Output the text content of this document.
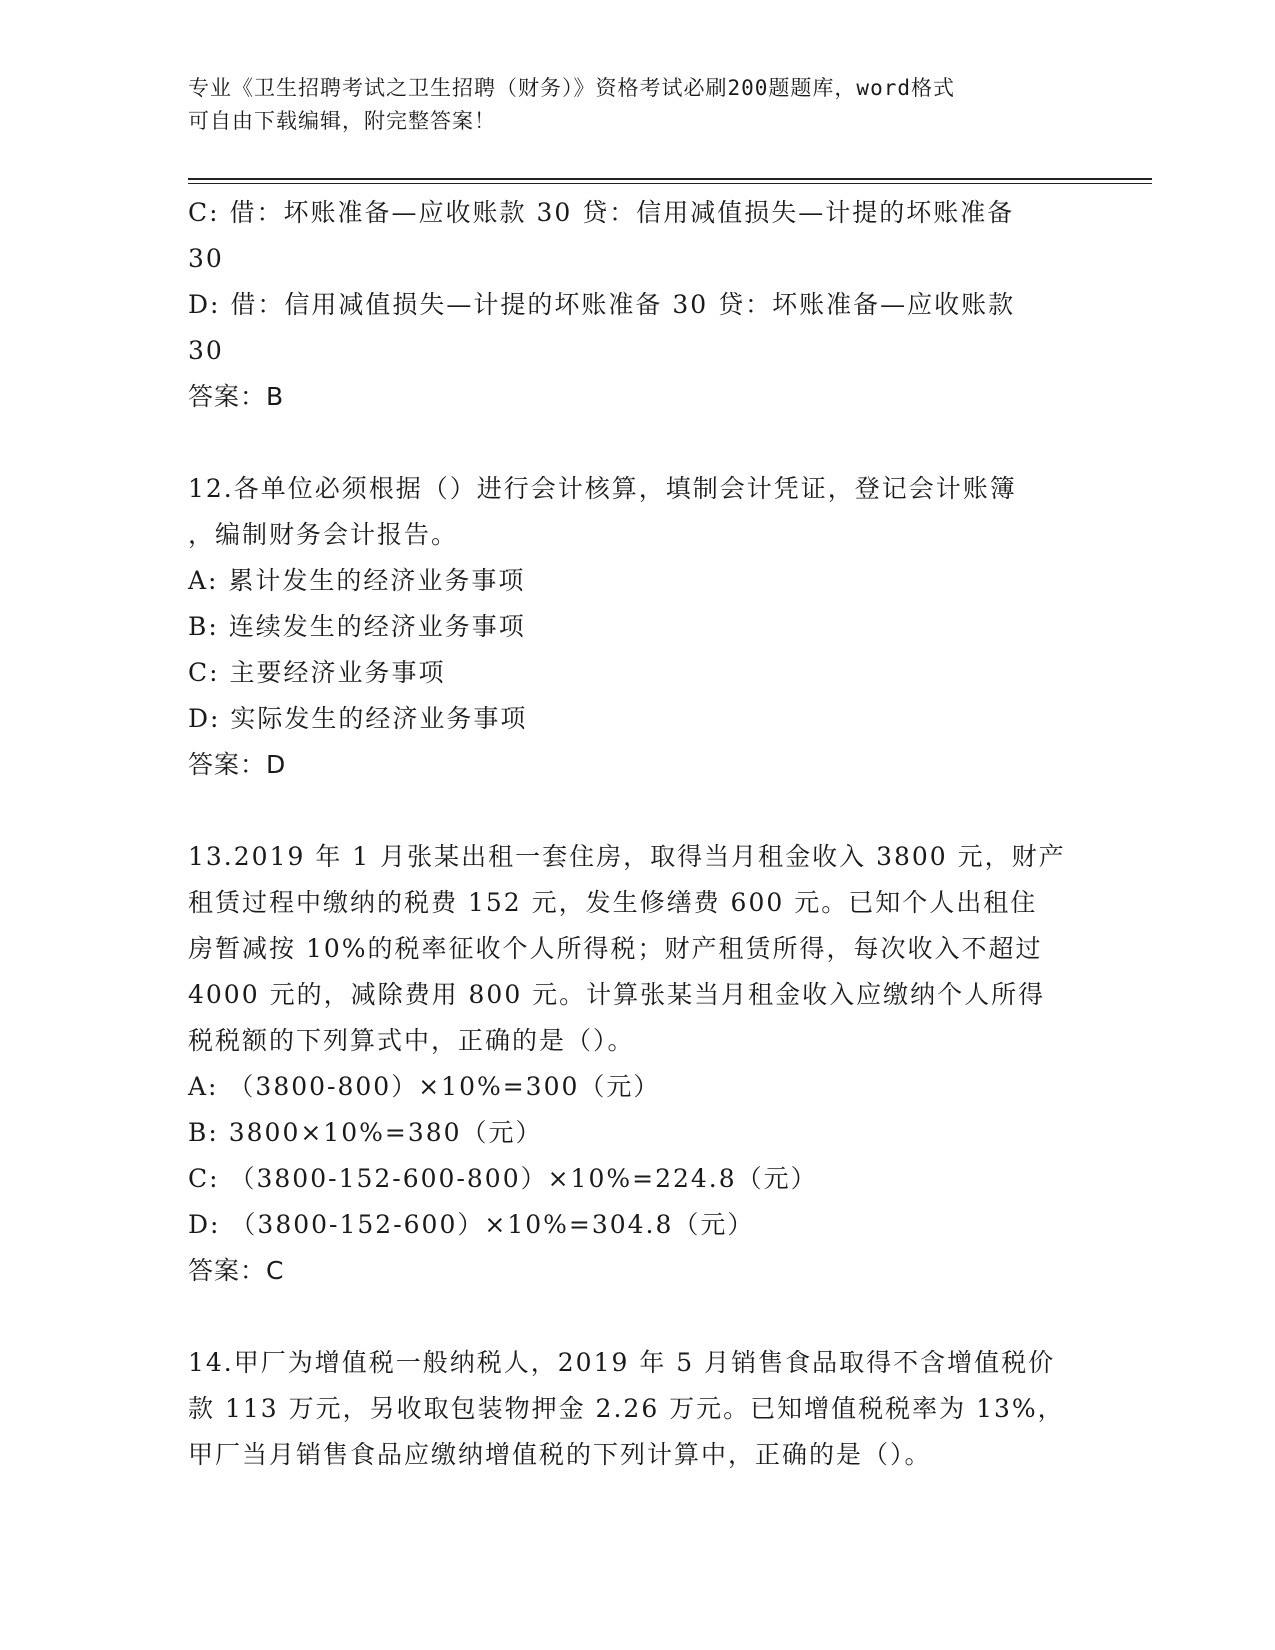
专业《卫生招聘考试之卫生招聘（财务）》资格考试必刷200题题库，word格式
可自由下载编辑，附完整答案！
C: 借：坏账准备—应收账款 30 贷：信用减值损失—计提的坏账准备
30
D: 借：信用减值损失—计提的坏账准备 30 贷：坏账准备—应收账款
30
答案：B
12.各单位必须根据（）进行会计核算，填制会计凭证，登记会计账簿
，编制财务会计报告。
A: 累计发生的经济业务事项
B: 连续发生的经济业务事项
C: 主要经济业务事项
D: 实际发生的经济业务事项
答案：D
13.2019 年 1 月张某出租一套住房，取得当月租金收入 3800 元，财产
租赁过程中缴纳的税费 152 元，发生修缮费 600 元。已知个人出租住
房暂减按 10%的税率征收个人所得税；财产租赁所得，每次收入不超过
4000 元的，减除费用 800 元。计算张某当月租金收入应缴纳个人所得
税税额的下列算式中，正确的是（）。
A: （3800-800）×10%=300（元）
B: 3800×10%=380（元）
C: （3800-152-600-800）×10%=224.8（元）
D: （3800-152-600）×10%=304.8（元）
答案：C
14.甲厂为增值税一般纳税人，2019 年 5 月销售食品取得不含增值税价
款 113 万元，另收取包装物押金 2.26 万元。已知增值税税率为 13%，
甲厂当月销售食品应缴纳增值税的下列计算中，正确的是（）。
